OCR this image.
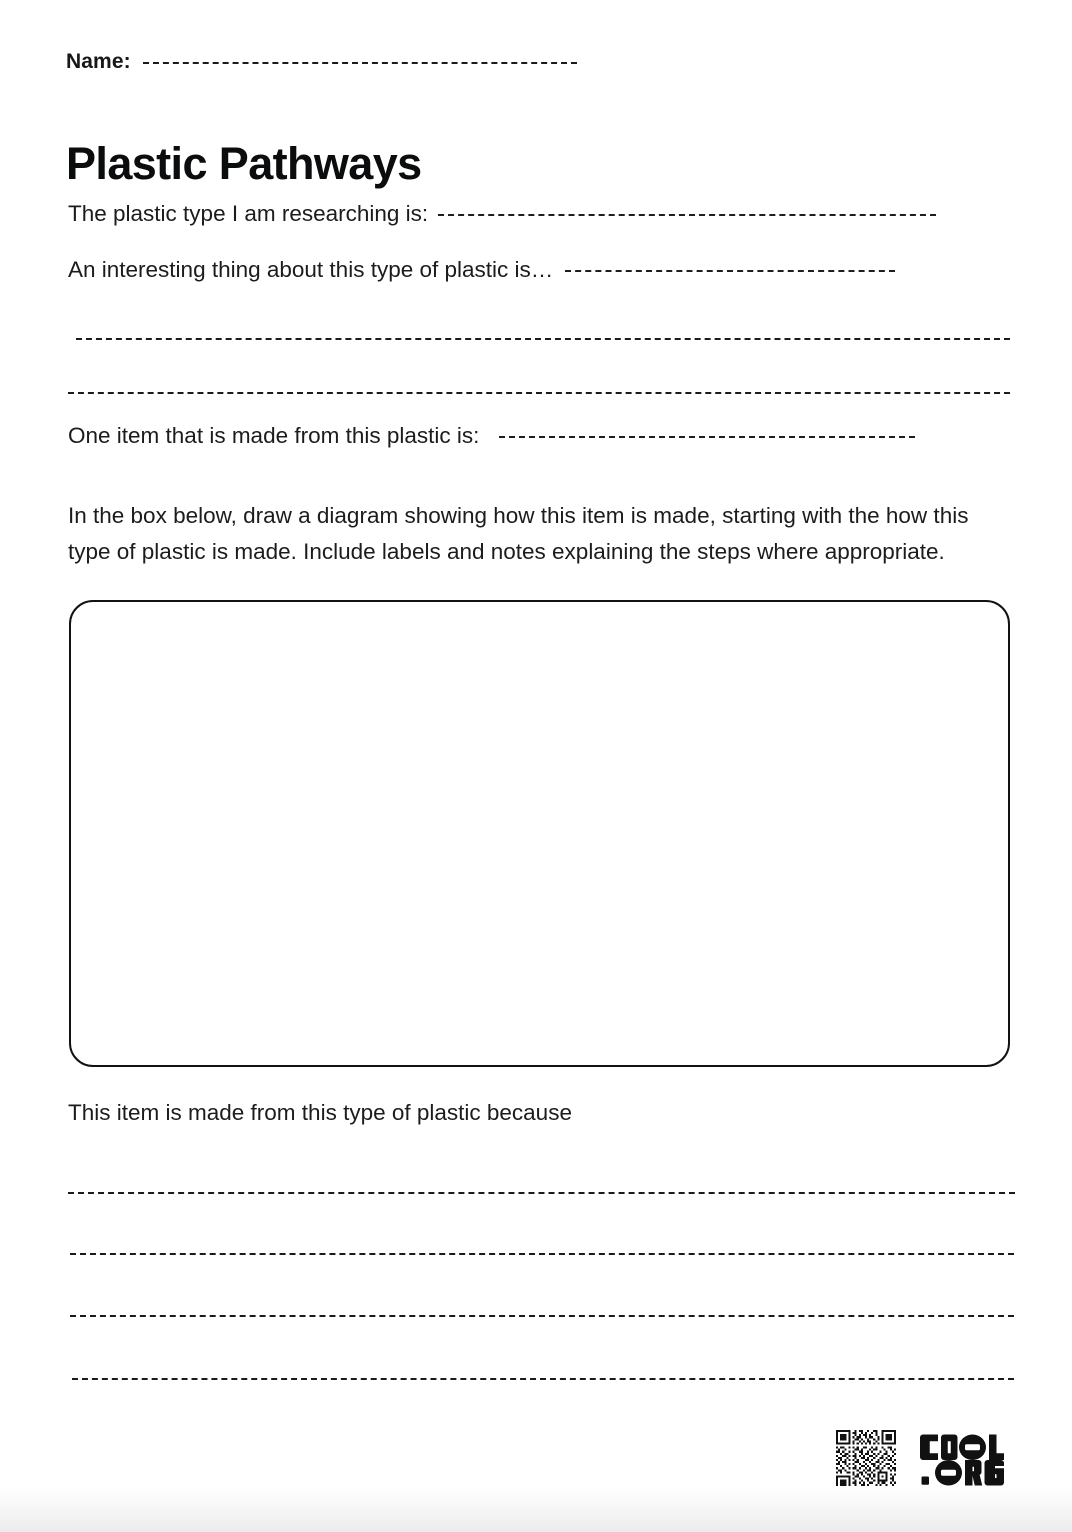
Name:
Plastic Pathways
The plastic type I am researching is:
An interesting thing about this type of plastic is…
One item that is made from this plastic is:

In the box below, draw a diagram showing how this item is made, starting with the how this type of plastic is made. Include labels and notes explaining the steps where appropriate.

This item is made from this type of plastic because
